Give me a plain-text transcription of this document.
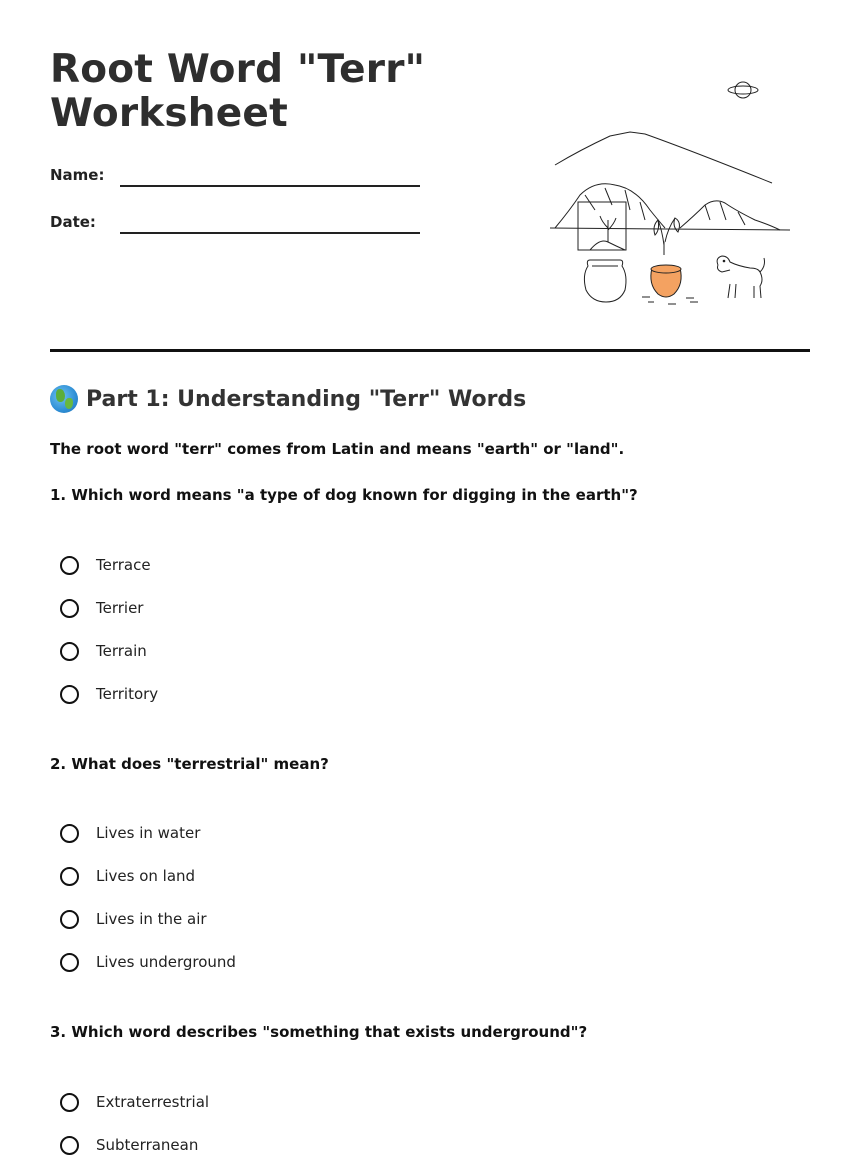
Root Word "Terr"
Worksheet
Name:
Date:
Part 1: Understanding "Terr" Words
The root word "terr" comes from Latin and means "earth" or "land".
1. Which word means "a type of dog known for digging in the earth"?
Terrace
Terrier
Terrain
Territory
2. What does "terrestrial" mean?
Lives in water
Lives on land
Lives in the air
Lives underground
3. Which word describes "something that exists underground"?
Extraterrestrial
Subterranean
